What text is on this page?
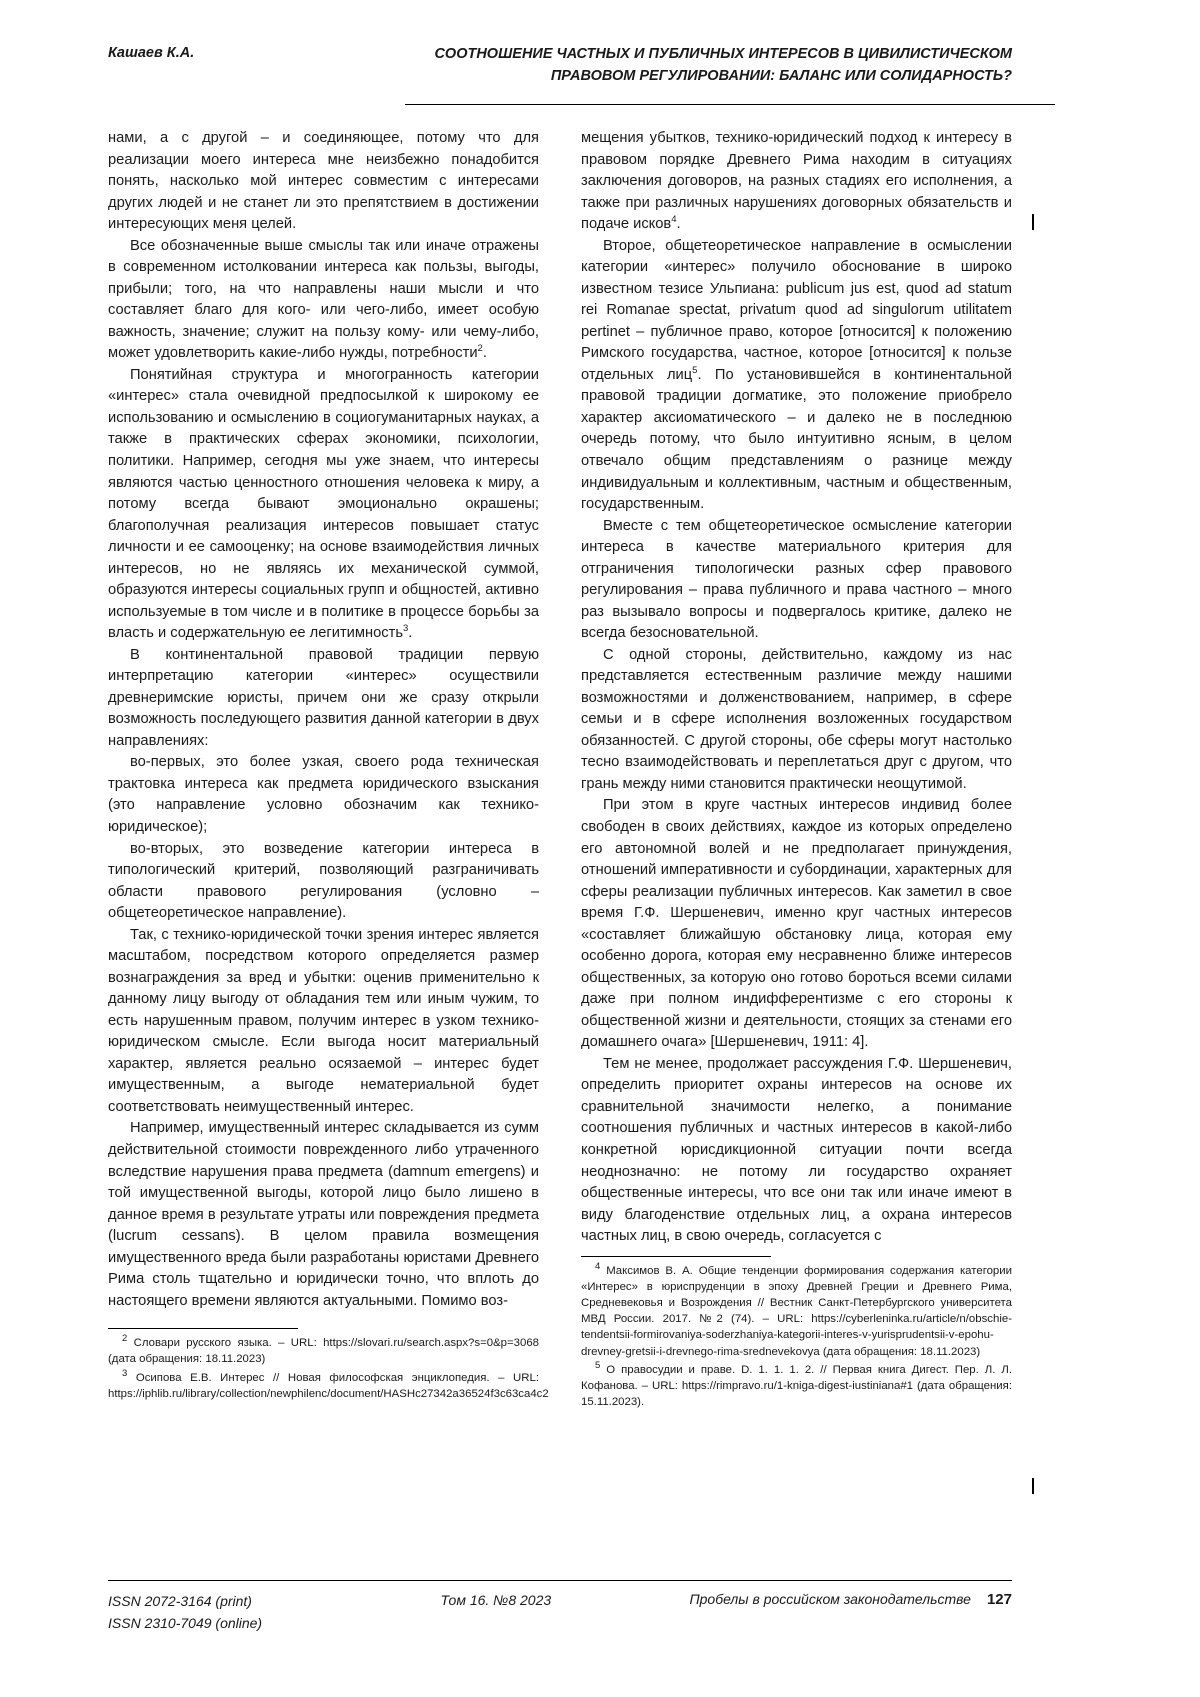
Кашаев К.А.	СООТНОШЕНИЕ ЧАСТНЫХ И ПУБЛИЧНЫХ ИНТЕРЕСОВ В ЦИВИЛИСТИЧЕСКОМ
ПРАВОВОМ РЕГУЛИРОВАНИИ: БАЛАНС ИЛИ СОЛИДАРНОСТЬ?

нами, а с другой – и соединяющее, потому что для реализации моего интереса мне неизбежно понадобится понять, насколько мой интерес совместим с интересами других людей и не станет ли это препятствием в достижении интересующих меня целей.

Все обозначенные выше смыслы так или иначе отражены в современном истолковании интереса как пользы, выгоды, прибыли; того, на что направлены наши мысли и что составляет благо для кого- или чего-либо, имеет особую важность, значение; служит на пользу кому- или чему-либо, может удовлетворить какие-либо нужды, потребности$^2$.

Понятийная структура и многогранность категории «интерес» стала очевидной предпосылкой к широкому ее использованию и осмыслению в социогуманитарных науках, а также в практических сферах экономики, психологии, политики. Например, сегодня мы уже знаем, что интересы являются частью ценностного отношения человека к миру, а потому всегда бывают эмоционально окрашены; благополучная реализация интересов повышает статус личности и ее самооценку; на основе взаимодействия личных интересов, но не являясь их механической суммой, образуются интересы социальных групп и общностей, активно используемые в том числе и в политике в процессе борьбы за власть и содержательную ее легитимность$^3$.

В континентальной правовой традиции первую интерпретацию категории «интерес» осуществили древнеримские юристы, причем они же сразу открыли возможность последующего развития данной категории в двух направлениях:

во-первых, это более узкая, своего рода техническая трактовка интереса как предмета юридического взыскания (это направление условно обозначим как технико-юридическое);

во-вторых, это возведение категории интереса в типологический критерий, позволяющий разграничивать области правового регулирования (условно – общетеоретическое направление).

Так, с технико-юридической точки зрения интерес является масштабом, посредством которого определяется размер вознаграждения за вред и убытки: оценив применительно к данному лицу выгоду от обладания тем или иным чужим, то есть нарушенным правом, получим интерес в узком технико-юридическом смысле. Если выгода носит материальный характер, является реально осязаемой – интерес будет имущественным, а выгоде нематериальной будет соответствовать неимущественный интерес.

Например, имущественный интерес складывается из сумм действительной стоимости поврежденного либо утраченного вследствие нарушения права предмета (damnum emergens) и той имущественной выгоды, которой лицо было лишено в данное время в результате утраты или повреждения предмета (lucrum cessans). В целом правила возмещения имущественного вреда были разработаны юристами Древнего Рима столь тщательно и юридически точно, что вплоть до настоящего времени являются актуальными. Помимо воз-

$^2$ Словари русского языка. – URL: https://slovari.ru/search.aspx?s=0&p=3068 (дата обращения: 18.11.2023)

$^3$ Осипова Е.В. Интерес // Новая философская энциклопедия. – URL: https://iphlib.ru/library/collection/newphilenc/document/HASHc27342a36524f3c63ca4c2

мещения убытков, технико-юридический подход к интересу в правовом порядке Древнего Рима находим в ситуациях заключения договоров, на разных стадиях его исполнения, а также при различных нарушениях договорных обязательств и подаче исков$^4$.

Второе, общетеоретическое направление в осмыслении категории «интерес» получило обоснование в широко известном тезисе Ульпиана: publicum jus est, quod ad statum rei Romanae spectat, privatum quod ad singulorum utilitatem pertinet – публичное право, которое [относится] к положению Римского государства, частное, которое [относится] к пользе отдельных лиц$^5$. По установившейся в континентальной правовой традиции догматике, это положение приобрело характер аксиоматического – и далеко не в последнюю очередь потому, что было интуитивно ясным, в целом отвечало общим представлениям о разнице между индивидуальным и коллективным, частным и общественным, государственным.

Вместе с тем общетеоретическое осмысление категории интереса в качестве материального критерия для отграничения типологически разных сфер правового регулирования – права публичного и права частного – много раз вызывало вопросы и подвергалось критике, далеко не всегда безосновательной.

С одной стороны, действительно, каждому из нас представляется естественным различие между нашими возможностями и долженствованием, например, в сфере семьи и в сфере исполнения возложенных государством обязанностей. С другой стороны, обе сферы могут настолько тесно взаимодействовать и переплетаться друг с другом, что грань между ними становится практически неощутимой.

При этом в круге частных интересов индивид более свободен в своих действиях, каждое из которых определено его автономной волей и не предполагает принуждения, отношений императивности и субординации, характерных для сферы реализации публичных интересов. Как заметил в свое время Г.Ф. Шершеневич, именно круг частных интересов «составляет ближайшую обстановку лица, которая ему особенно дорога, которая ему несравненно ближе интересов общественных, за которую оно готово бороться всеми силами даже при полном индифферентизме с его стороны к общественной жизни и деятельности, стоящих за стенами его домашнего очага» [Шершеневич, 1911: 4].

Тем не менее, продолжает рассуждения Г.Ф. Шершеневич, определить приоритет охраны интересов на основе их сравнительной значимости нелегко, а понимание соотношения публичных и частных интересов в какой-либо конкретной юрисдикционной ситуации почти всегда неоднозначно: не потому ли государство охраняет общественные интересы, что все они так или иначе имеют в виду благоденствие отдельных лиц, а охрана интересов частных лиц, в свою очередь, согласуется с

$^4$ Максимов В. А. Общие тенденции формирования содержания категории «Интерес» в юриспруденции в эпоху Древней Греции и Древнего Рима, Средневековья и Возрождения // Вестник Санкт-Петербургского университета МВД России. 2017. №2 (74). – URL: https://cyberleninka.ru/article/n/obschie-tendentsii-formirovaniya-soderzhaniya-kategorii-interes-v-yurisprudentsii-v-epohu-drevney-gretsii-i-drevnego-rima-srednevekovya (дата обращения: 18.11.2023)

$^5$ О правосудии и праве. D. 1. 1. 1. 2. // Первая книга Дигест. Пер. Л. Л. Кофанова. – URL: https://rimpravo.ru/1-kniga-digest-iustiniana#1 (дата обращения: 15.11.2023).

ISSN 2072-3164 (print)
ISSN 2310-7049 (online)
Том 16. №8 2023	Пробелы в российском законодательстве 127
